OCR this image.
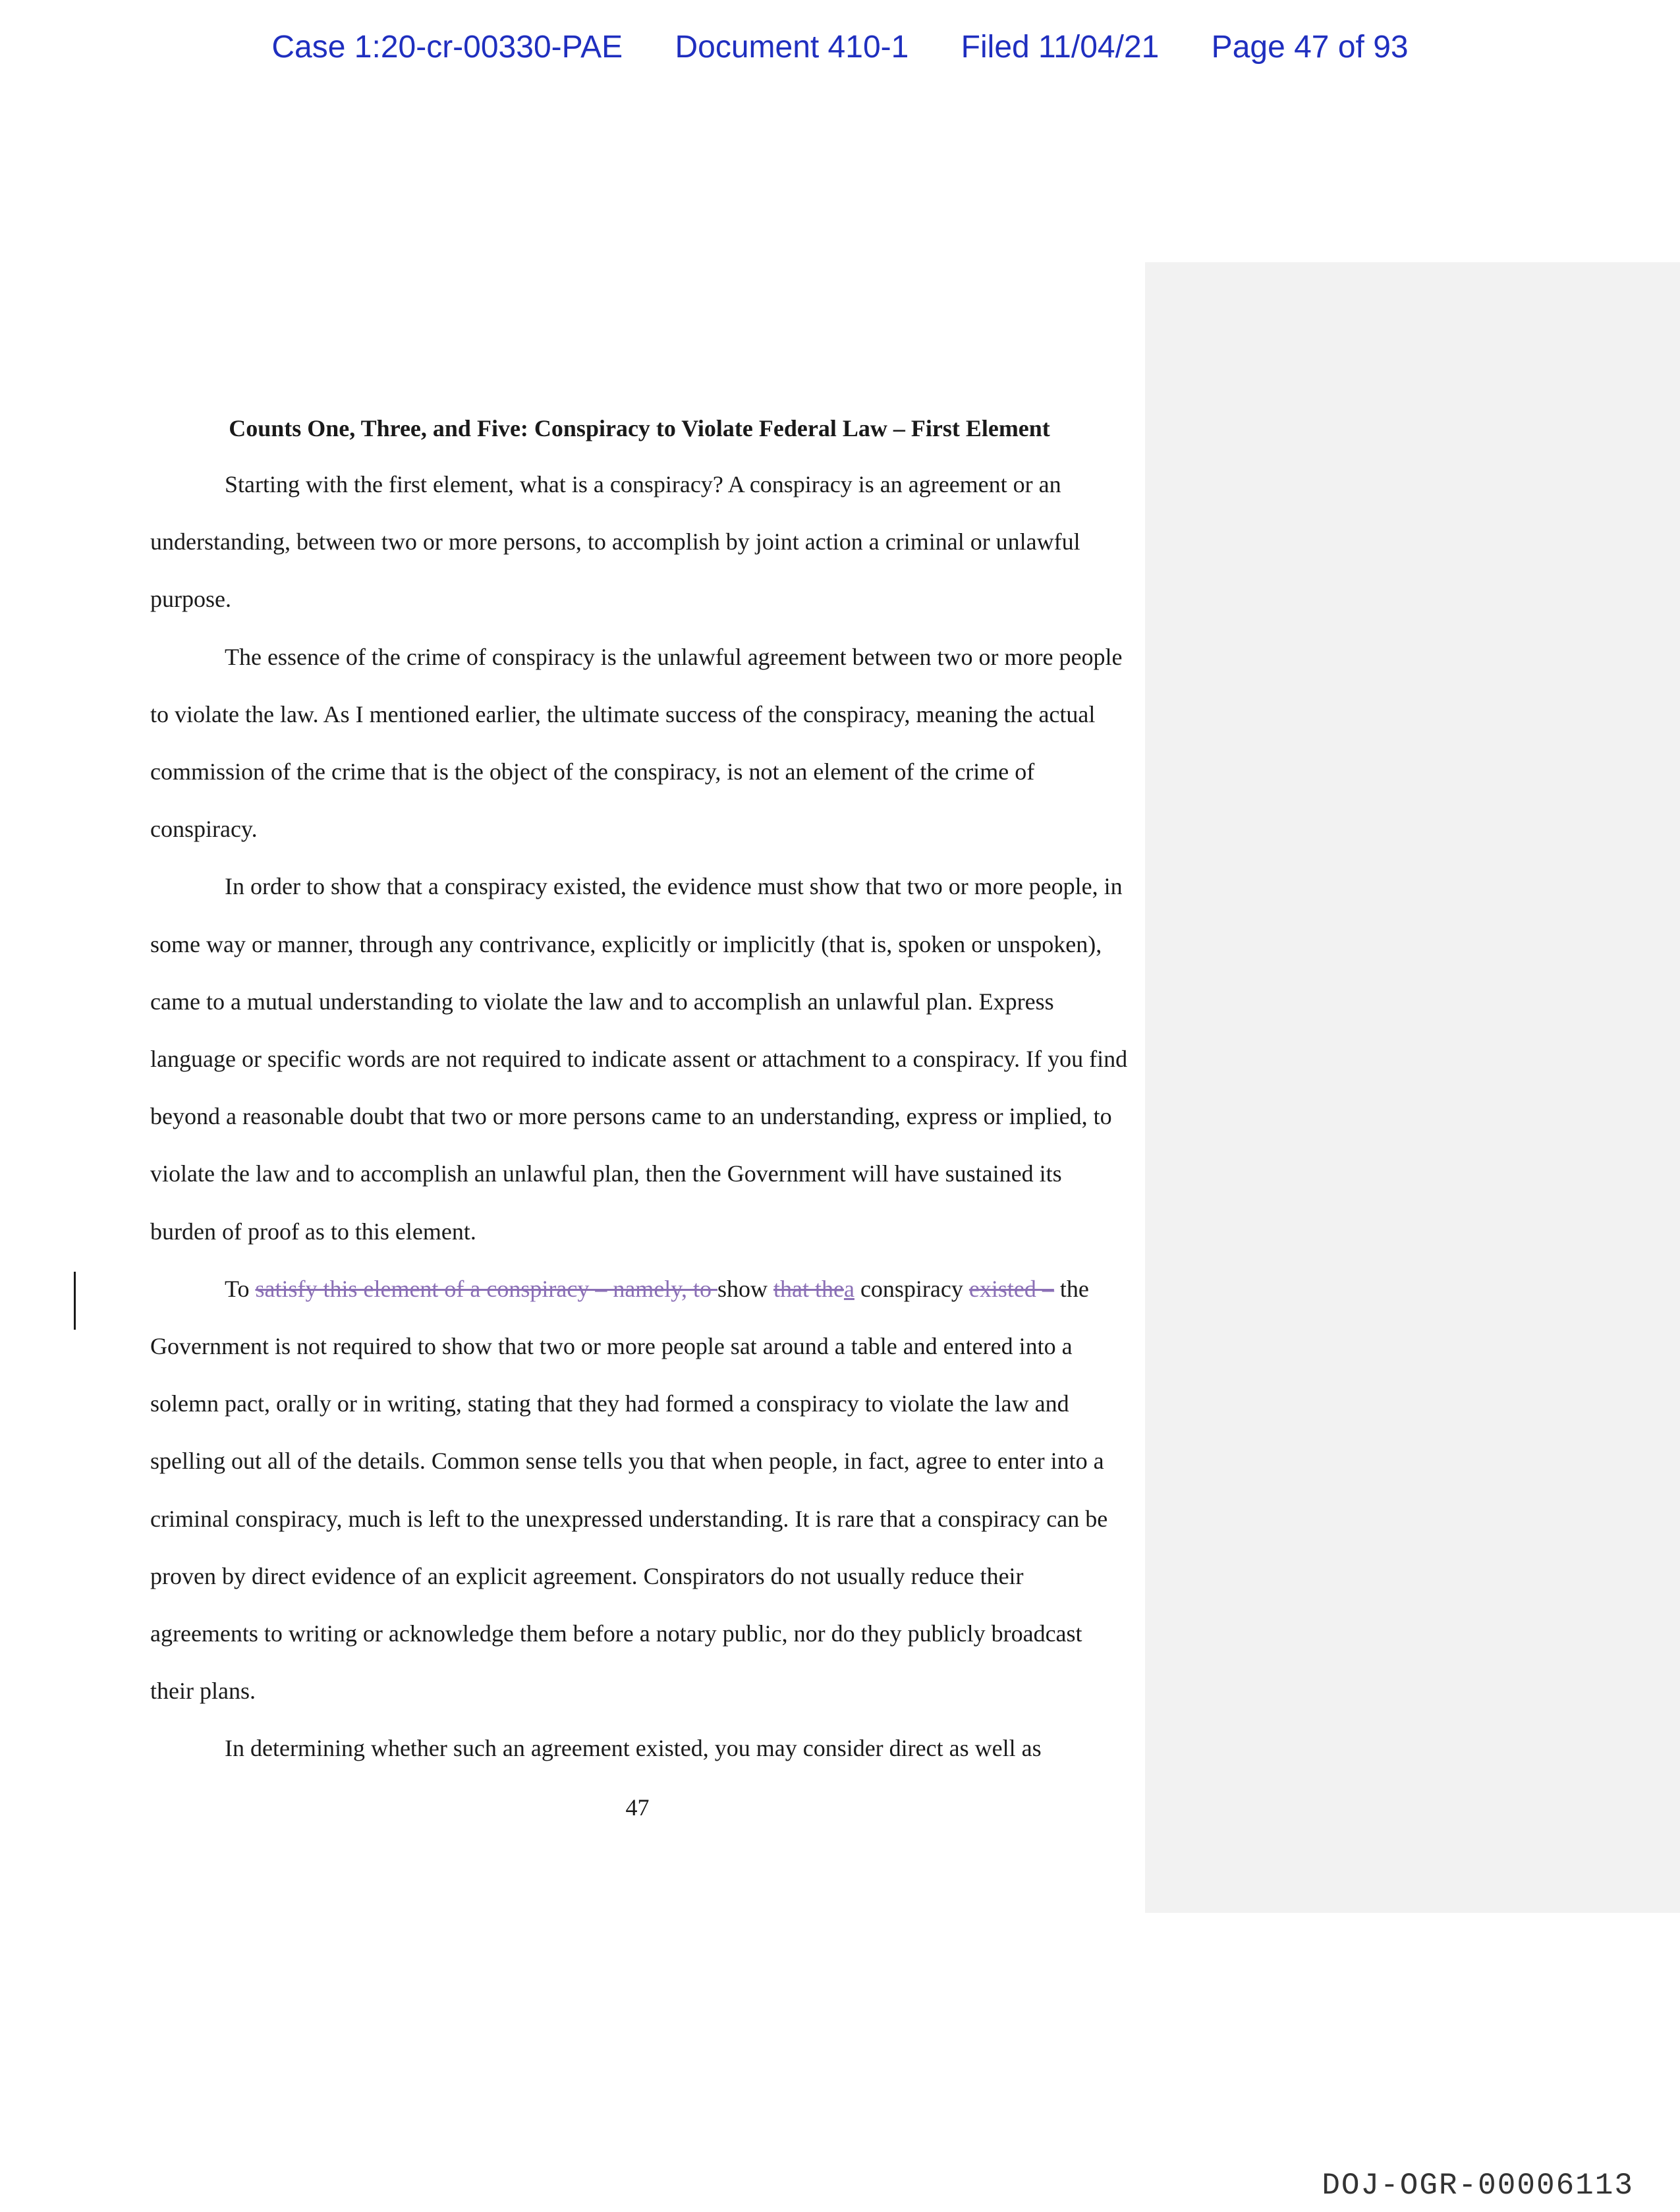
Case 1:20-cr-00330-PAE Document 410-1 Filed 11/04/21 Page 47 of 93
Counts One, Three, and Five: Conspiracy to Violate Federal Law – First Element

Starting with the first element, what is a conspiracy? A conspiracy is an agreement or an understanding, between two or more persons, to accomplish by joint action a criminal or unlawful purpose.

The essence of the crime of conspiracy is the unlawful agreement between two or more people to violate the law. As I mentioned earlier, the ultimate success of the conspiracy, meaning the actual commission of the crime that is the object of the conspiracy, is not an element of the crime of conspiracy.

In order to show that a conspiracy existed, the evidence must show that two or more people, in some way or manner, through any contrivance, explicitly or implicitly (that is, spoken or unspoken), came to a mutual understanding to violate the law and to accomplish an unlawful plan. Express language or specific words are not required to indicate assent or attachment to a conspiracy. If you find beyond a reasonable doubt that two or more persons came to an understanding, express or implied, to violate the law and to accomplish an unlawful plan, then the Government will have sustained its burden of proof as to this element.

To satisfy this element of a conspiracy – namely, to show that thea conspiracy existed – the Government is not required to show that two or more people sat around a table and entered into a solemn pact, orally or in writing, stating that they had formed a conspiracy to violate the law and spelling out all of the details. Common sense tells you that when people, in fact, agree to enter into a criminal conspiracy, much is left to the unexpressed understanding. It is rare that a conspiracy can be proven by direct evidence of an explicit agreement. Conspirators do not usually reduce their agreements to writing or acknowledge them before a notary public, nor do they publicly broadcast their plans.

In determining whether such an agreement existed, you may consider direct as well as

47
DOJ-OGR-00006113
